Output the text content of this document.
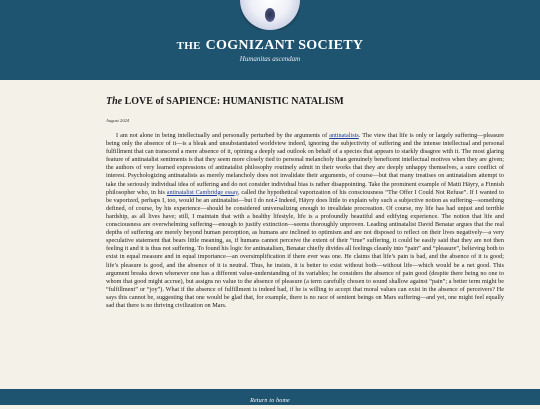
THE COGNIZANT SOCIETY
Humanitas ascendam
The LOVE of SAPIENCE: HUMANISTIC NATALISM
August 2024

I am not alone in being intellectually and personally perturbed by the arguments of antinatalists. The view that life is only or largely suffering—pleasure being only the absence of it—is a bleak and unsubstantiated worldview indeed, ignoring the subjectivity of suffering and the intense intellectual and personal fulfillment that can transcend a mere absence of it, opining a deeply sad outlook on behalf of a species that appears to starkly disagree with it. The most glaring feature of antinatalist sentiments is that they seem more closely tied to personal melancholy than genuinely beneficent intellectual motives when they are given; the authors of very learned expressions of antinatalist philosophy routinely admit in their works that they are deeply unhappy themselves, a sure conflict of interest. Psychologizing antinatalists as merely melancholy does not invalidate their arguments, of course—but that many treatises on antinatalism attempt to take the seriously individual idea of suffering and do not consider individual bias is rather disappointing. Take the prominent example of Matti Häyry, a Finnish philosopher who, in his antinatalist Cambridge essay, called the hypothetical vaporization of his consciousness “The Offer I Could Not Refuse”. If I wanted to be vaporized, perhaps I, too, would be an antinatalist—but I do not.$^1$ Indeed, Häyry does little to explain why such a subjective notion as suffering—something defined, of course, by his experience—should be considered universalizing enough to invalidate procreation. Of course, my life has had unjust and terrible hardship, as all lives have; still, I maintain that with a healthy lifestyle, life is a profoundly beautiful and edifying experience. The notion that life and consciousness are overwhelming suffering—enough to justify extinction—seems thoroughly unproven. Leading antinatalist David Benatar argues that the real depths of suffering are merely beyond human perception, as humans are inclined to optimism and are not disposed to reflect on their lives negatively—a very speculative statement that bears little meaning, as, if humans cannot perceive the extent of their “true” suffering, it could be easily said that they are not then feeling it and it is thus not suffering. To found his logic for antinatalism, Benatar chiefly divides all feelings cleanly into “pain” and “pleasure”, believing both to exist in equal measure and in equal importance—an oversimplification if there ever was one. He claims that life’s pain is bad, and the absence of it is good; life’s pleasure is good, and the absence of it is neutral. Thus, he insists, it is better to exist without both—without life—which would be a net good. This argument breaks down whenever one has a different value-understanding of its variables; he considers the absence of pain good (despite there being no one to whom that good might accrue), but assigns no value to the absence of pleasure (a term carefully chosen to sound shallow against “pain”; a better term might be “fulfillment” or “joy”). What if the absence of fulfillment is indeed bad, if he is willing to accept that moral values can exist in the absence of perceivers? He says this cannot be, suggesting that one would be glad that, for example, there is no race of sentient beings on Mars suffering—and yet, one might feel equally sad that there is no thriving civilization on Mars.

Return to home
